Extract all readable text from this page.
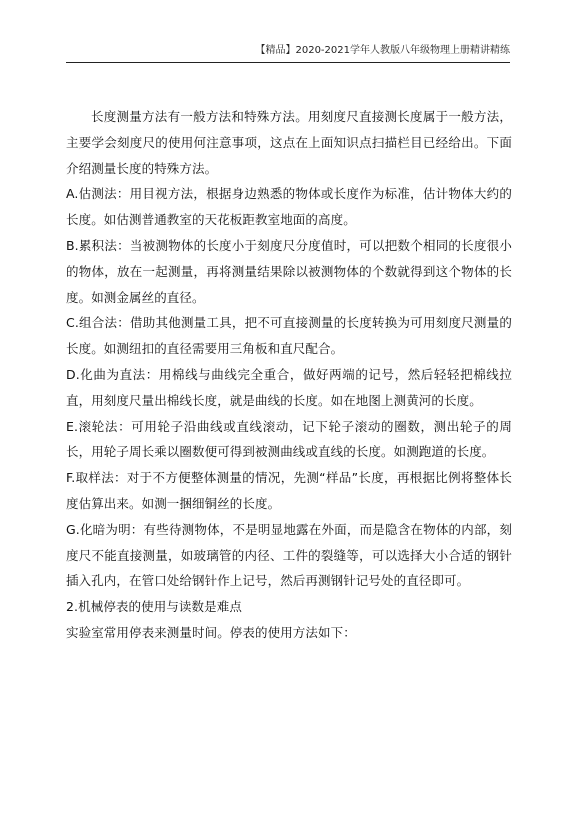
【精品】2020-2021学年人教版八年级物理上册精讲精练

长度测量方法有一般方法和特殊方法。用刻度尺直接测长度属于一般方法，主要学会刻度尺的使用何注意事项，这点在上面知识点扫描栏目已经给出。下面介绍测量长度的特殊方法。

A.估测法：用目视方法，根据身边熟悉的物体或长度作为标准，估计物体大约的长度。如估测普通教室的天花板距教室地面的高度。

B.累积法：当被测物体的长度小于刻度尺分度值时，可以把数个相同的长度很小的物体，放在一起测量，再将测量结果除以被测物体的个数就得到这个物体的长度。如测金属丝的直径。

C.组合法：借助其他测量工具，把不可直接测量的长度转换为可用刻度尺测量的长度。如测纽扣的直径需要用三角板和直尺配合。

D.化曲为直法：用棉线与曲线完全重合，做好两端的记号，然后轻轻把棉线拉直，用刻度尺量出棉线长度，就是曲线的长度。如在地图上测黄河的长度。

E.滚轮法：可用轮子沿曲线或直线滚动，记下轮子滚动的圈数，测出轮子的周长，用轮子周长乘以圈数便可得到被测曲线或直线的长度。如测跑道的长度。

F.取样法：对于不方便整体测量的情况，先测“样品”长度，再根据比例将整体长度估算出来。如测一捆细铜丝的长度。

G.化暗为明：有些待测物体，不是明显地露在外面，而是隐含在物体的内部，刻度尺不能直接测量，如玻璃管的内径、工件的裂缝等，可以选择大小合适的钢针插入孔内，在管口处给钢针作上记号，然后再测钢针记号处的直径即可。

2.机械停表的使用与读数是难点

实验室常用停表来测量时间。停表的使用方法如下：
